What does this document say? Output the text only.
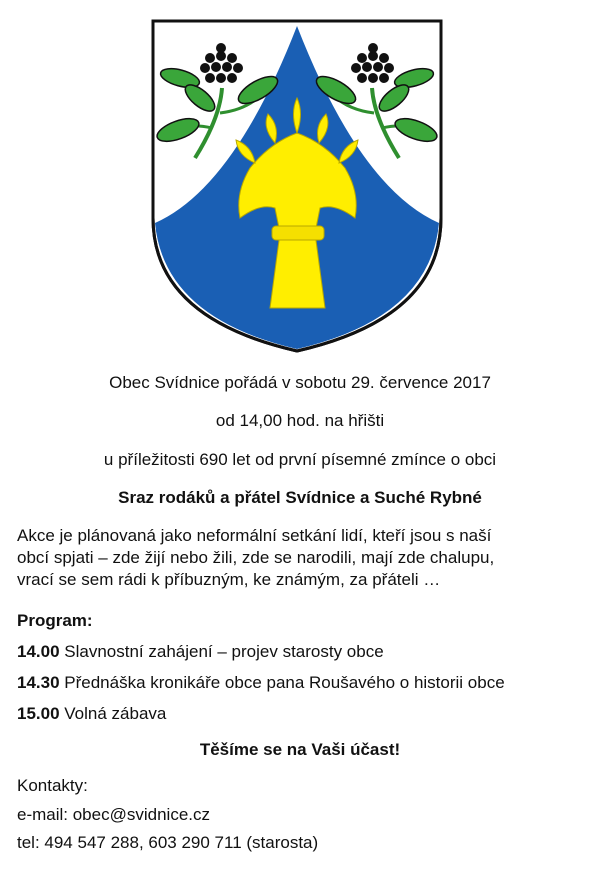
Obec Svídnice pořádá v sobotu 29. července 2017
od 14,00 hod. na hřišti
u příležitosti 690 let od první písemné zmínce o obci
Sraz rodáků a přátel Svídnice a Suché Rybné
Akce je plánovaná jako neformální setkání lidí, kteří jsou s naší
obcí spjati – zde žijí nebo žili, zde se narodili, mají zde chalupu,
vrací se sem rádi k příbuzným, ke známým, za přáteli …
Program:
14.00 Slavnostní zahájení – projev starosty obce
14.30 Přednáška kronikáře obce pana Roušavého o historii obce
15.00 Volná zábava
Těšíme se na Vaši účast!
Kontakty:
e-mail: obec@svidnice.cz
tel: 494 547 288, 603 290 711 (starosta)
